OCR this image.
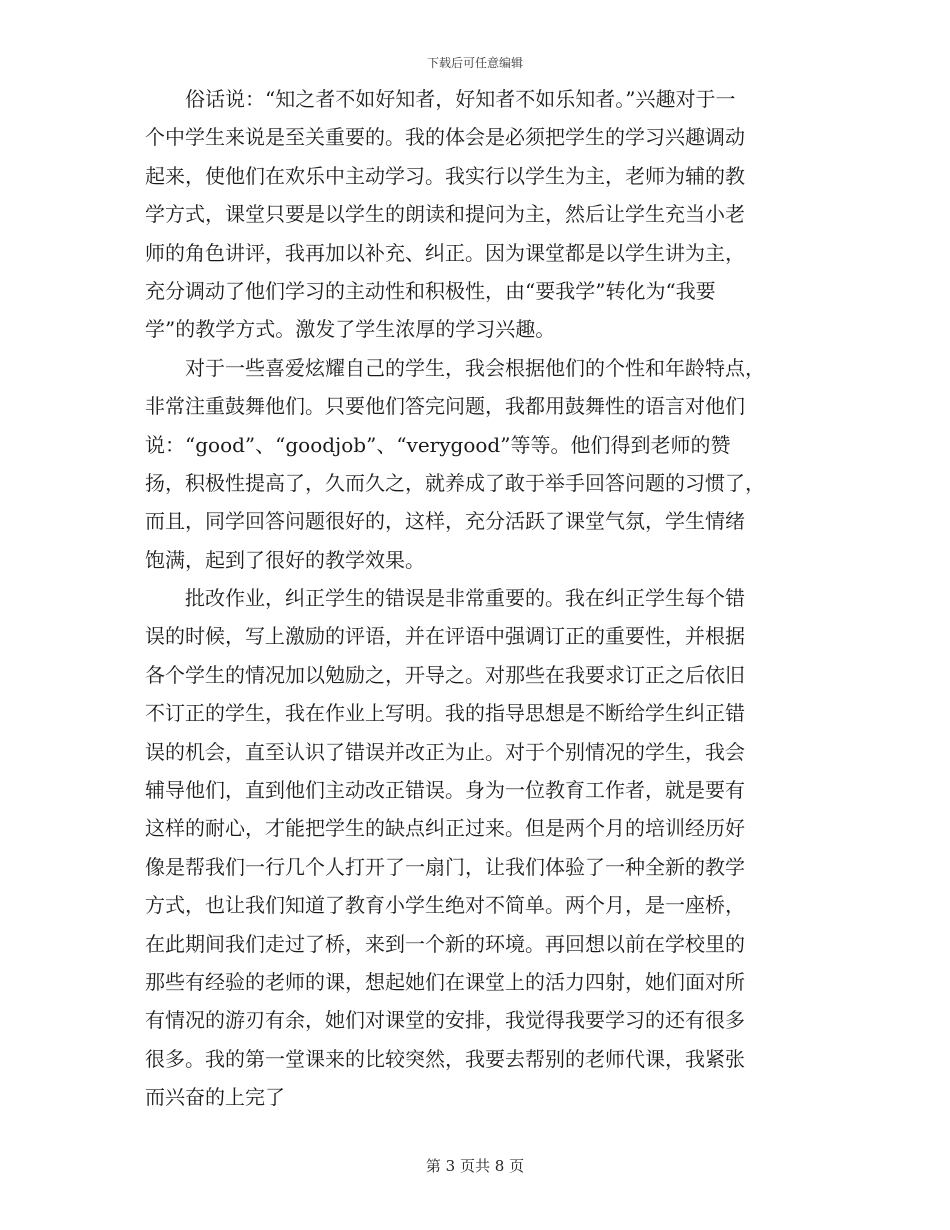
下载后可任意编辑
　　俗话说：“知之者不如好知者，好知者不如乐知者。”兴趣对于一
个中学生来说是至关重要的。我的体会是必须把学生的学习兴趣调动
起来，使他们在欢乐中主动学习。我实行以学生为主，老师为辅的教
学方式，课堂只要是以学生的朗读和提问为主，然后让学生充当小老
师的角色讲评，我再加以补充、纠正。因为课堂都是以学生讲为主，
充分调动了他们学习的主动性和积极性，由“要我学”转化为“我要
学”的教学方式。激发了学生浓厚的学习兴趣。
　　对于一些喜爱炫耀自己的学生，我会根据他们的个性和年龄特点，
非常注重鼓舞他们。只要他们答完问题，我都用鼓舞性的语言对他们
说：“good”、“goodjob”、“verygood”等等。他们得到老师的赞
扬，积极性提高了，久而久之，就养成了敢于举手回答问题的习惯了，
而且，同学回答问题很好的，这样，充分活跃了课堂气氛，学生情绪
饱满，起到了很好的教学效果。
　　批改作业，纠正学生的错误是非常重要的。我在纠正学生每个错
误的时候，写上激励的评语，并在评语中强调订正的重要性，并根据
各个学生的情况加以勉励之，开导之。对那些在我要求订正之后依旧
不订正的学生，我在作业上写明。我的指导思想是不断给学生纠正错
误的机会，直至认识了错误并改正为止。对于个别情况的学生，我会
辅导他们，直到他们主动改正错误。身为一位教育工作者，就是要有
这样的耐心，才能把学生的缺点纠正过来。但是两个月的培训经历好
像是帮我们一行几个人打开了一扇门，让我们体验了一种全新的教学
方式，也让我们知道了教育小学生绝对不简单。两个月，是一座桥，
在此期间我们走过了桥，来到一个新的环境。再回想以前在学校里的
那些有经验的老师的课，想起她们在课堂上的活力四射，她们面对所
有情况的游刃有余，她们对课堂的安排，我觉得我要学习的还有很多
很多。我的第一堂课来的比较突然，我要去帮别的老师代课，我紧张
而兴奋的上完了
第 3 页共 8 页
